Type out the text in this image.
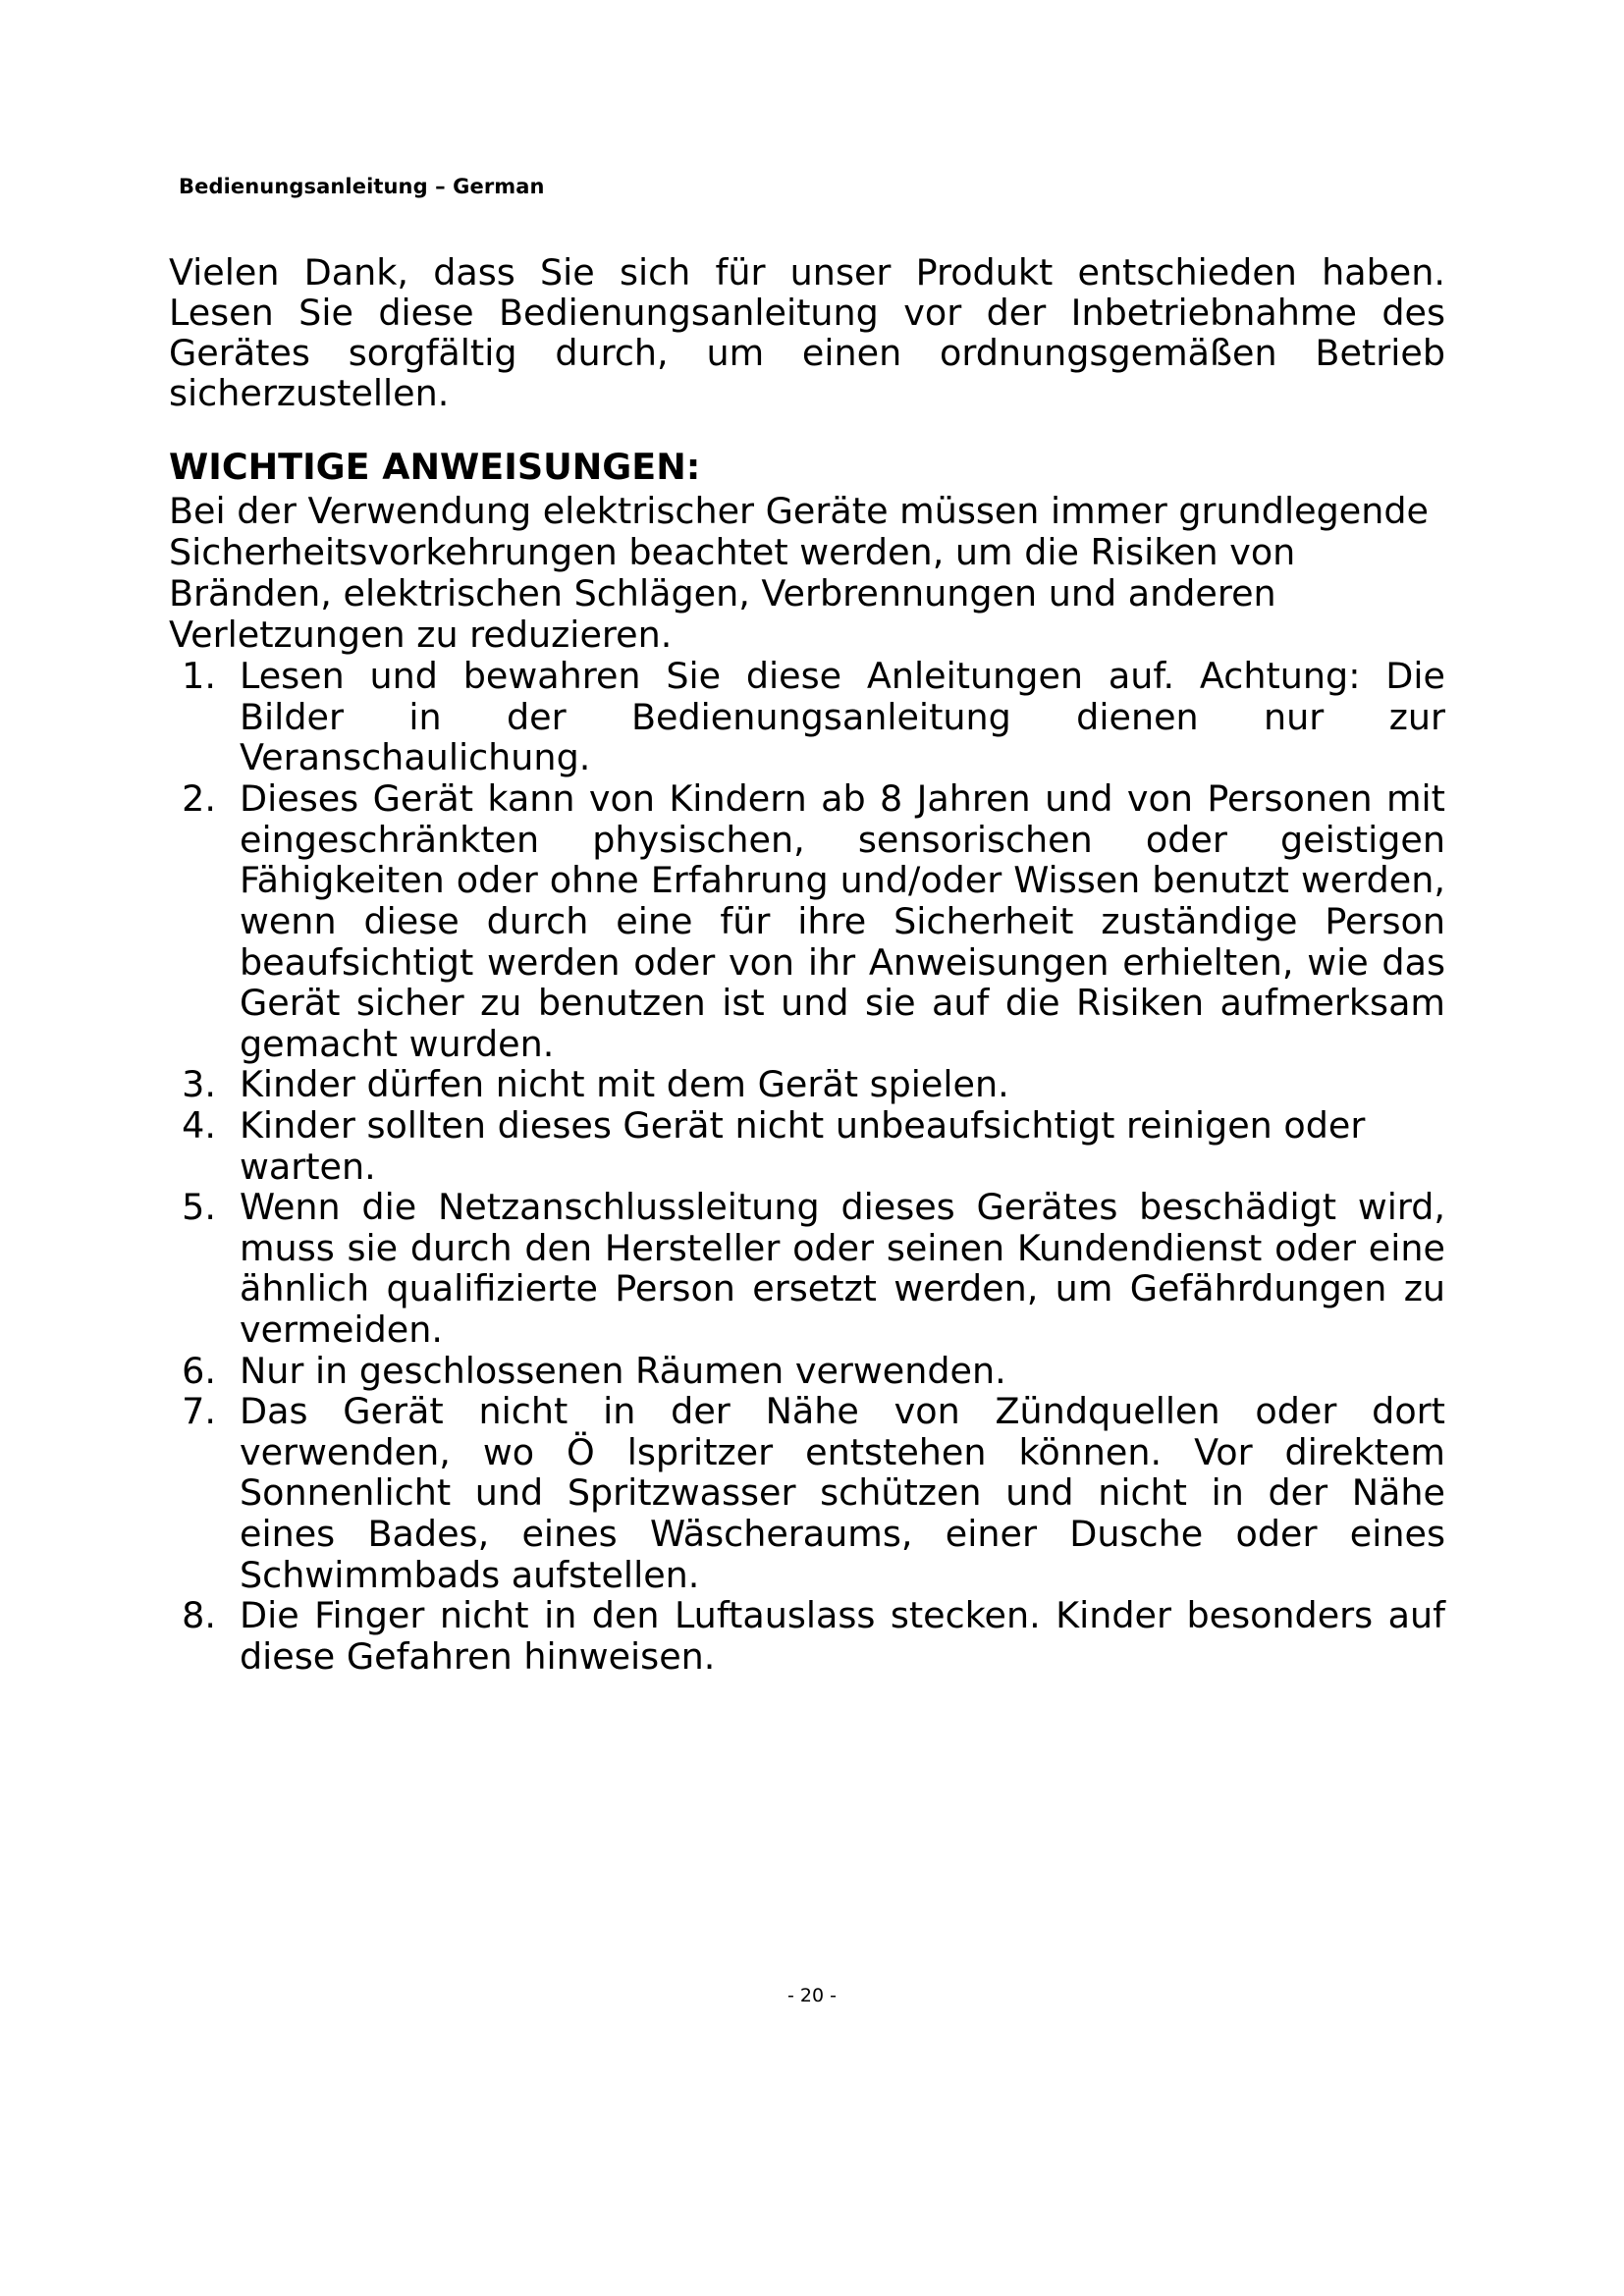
Bedienungsanleitung – German

Vielen Dank, dass Sie sich für unser Produkt entschieden haben. Lesen Sie diese Bedienungsanleitung vor der Inbetriebnahme des Gerätes sorgfältig durch, um einen ordnungsgemäßen Betrieb sicherzustellen.

WICHTIGE ANWEISUNGEN:

Bei der Verwendung elektrischer Geräte müssen immer grundlegende Sicherheitsvorkehrungen beachtet werden, um die Risiken von Bränden, elektrischen Schlägen, Verbrennungen und anderen Verletzungen zu reduzieren.

1. Lesen und bewahren Sie diese Anleitungen auf. Achtung: Die Bilder in der Bedienungsanleitung dienen nur zur Veranschaulichung.
2. Dieses Gerät kann von Kindern ab 8 Jahren und von Personen mit eingeschränkten physischen, sensorischen oder geistigen Fähigkeiten oder ohne Erfahrung und/oder Wissen benutzt werden, wenn diese durch eine für ihre Sicherheit zuständige Person beaufsichtigt werden oder von ihr Anweisungen erhielten, wie das Gerät sicher zu benutzen ist und sie auf die Risiken aufmerksam gemacht wurden.
3. Kinder dürfen nicht mit dem Gerät spielen.
4. Kinder sollten dieses Gerät nicht unbeaufsichtigt reinigen oder warten.
5. Wenn die Netzanschlussleitung dieses Gerätes beschädigt wird, muss sie durch den Hersteller oder seinen Kundendienst oder eine ähnlich qualifizierte Person ersetzt werden, um Gefährdungen zu vermeiden.
6. Nur in geschlossenen Räumen verwenden.
7. Das Gerät nicht in der Nähe von Zündquellen oder dort verwenden, wo Ö lspritzer entstehen können. Vor direktem Sonnenlicht und Spritzwasser schützen und nicht in der Nähe eines Bades, eines Wäscheraums, einer Dusche oder eines Schwimmbads aufstellen.
8. Die Finger nicht in den Luftauslass stecken. Kinder besonders auf diese Gefahren hinweisen.
- 20 -
